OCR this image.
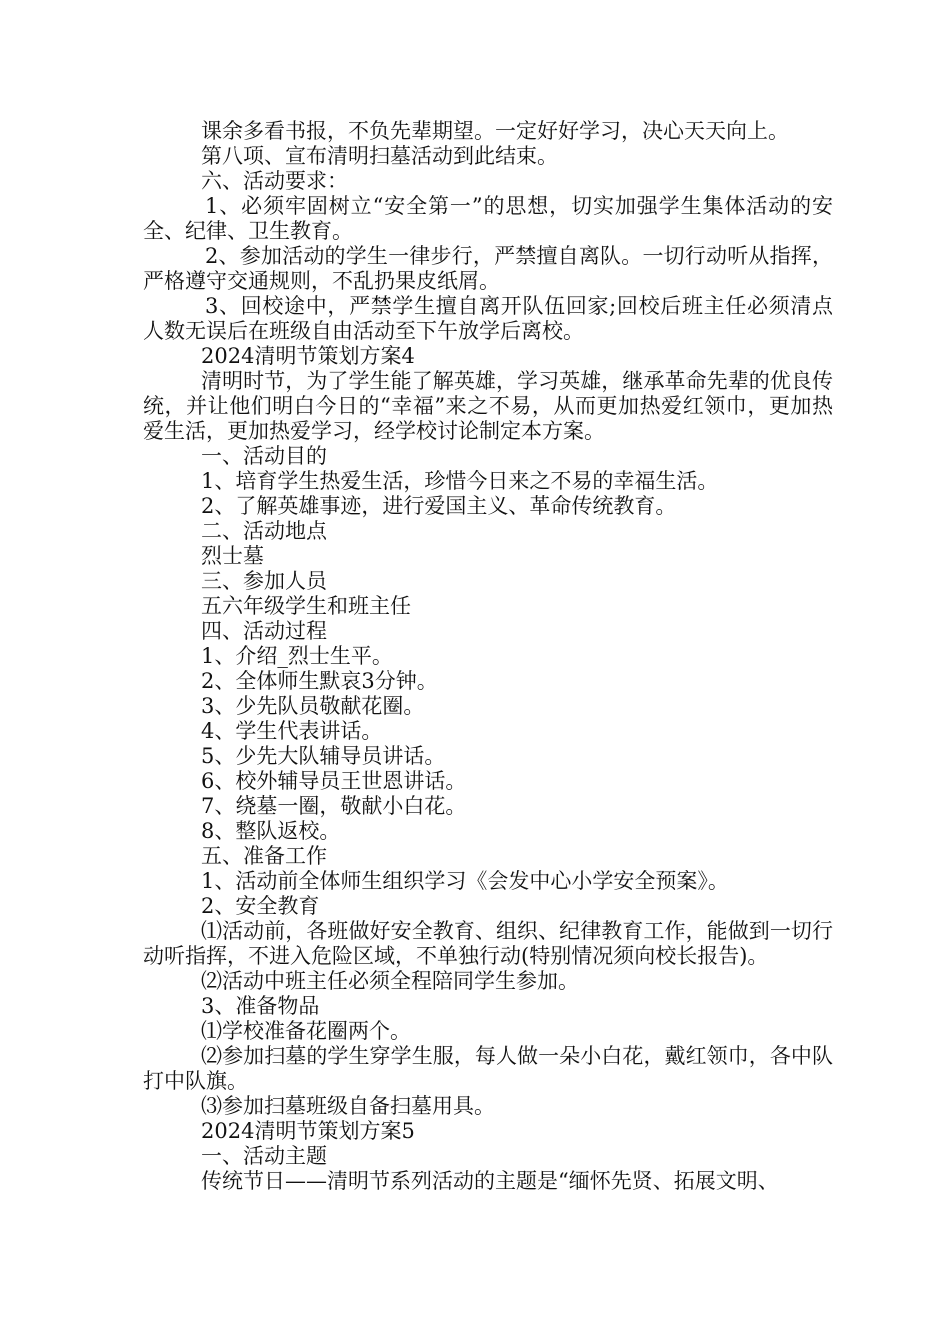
课余多看书报，不负先辈期望。一定好好学习，决心天天向上。

第八项、宣布清明扫墓活动到此结束。

六、活动要求：

1、必须牢固树立“安全第一”的思想，切实加强学生集体活动的安全、纪律、卫生教育。

2、参加活动的学生一律步行，严禁擅自离队。一切行动听从指挥，严格遵守交通规则，不乱扔果皮纸屑。

3、回校途中，严禁学生擅自离开队伍回家;回校后班主任必须清点人数无误后在班级自由活动至下午放学后离校。

2024清明节策划方案4

清明时节，为了学生能了解英雄，学习英雄，继承革命先辈的优良传统，并让他们明白今日的“幸福”来之不易，从而更加热爱红领巾，更加热爱生活，更加热爱学习，经学校讨论制定本方案。

一、活动目的

1、培育学生热爱生活，珍惜今日来之不易的幸福生活。

2、了解英雄事迹，进行爱国主义、革命传统教育。

二、活动地点

烈士墓

三、参加人员

五六年级学生和班主任

四、活动过程

1、介绍_烈士生平。

2、全体师生默哀3分钟。

3、少先队员敬献花圈。

4、学生代表讲话。

5、少先大队辅导员讲话。

6、校外辅导员王世恩讲话。

7、绕墓一圈，敬献小白花。

8、整队返校。

五、准备工作

1、活动前全体师生组织学习《会发中心小学安全预案》。

2、安全教育

⑴活动前，各班做好安全教育、组织、纪律教育工作，能做到一切行动听指挥，不进入危险区域，不单独行动(特别情况须向校长报告)。

⑵活动中班主任必须全程陪同学生参加。

3、准备物品

⑴学校准备花圈两个。

⑵参加扫墓的学生穿学生服，每人做一朵小白花，戴红领巾，各中队打中队旗。

⑶参加扫墓班级自备扫墓用具。

2024清明节策划方案5

一、活动主题

传统节日——清明节系列活动的主题是“缅怀先贤、拓展文明、
